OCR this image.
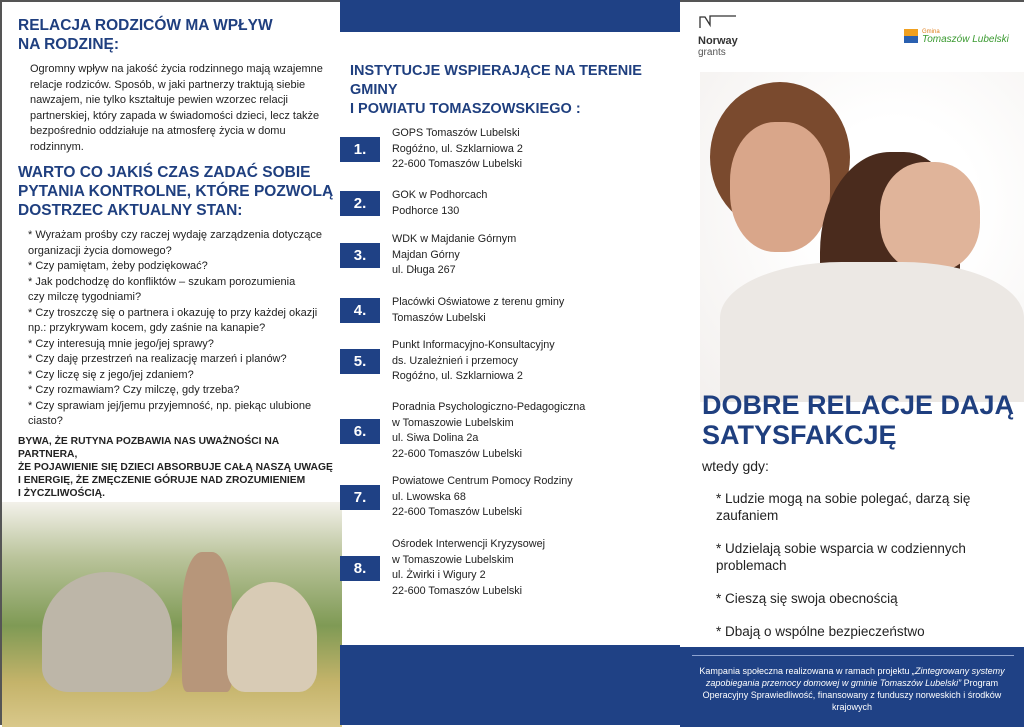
RELACJA RODZICÓW MA WPŁYW
NA RODZINĘ:
Ogromny wpływ na jakość życia rodzinnego mają wzajemne
relacje rodziców. Sposób, w jaki partnerzy traktują siebie
nawzajem, nie tylko kształtuje pewien wzorzec relacji
partnerskiej, który zapada w świadomości dzieci, lecz także
bezpośrednio oddziałuje na atmosferę życia w domu
rodzinnym.
WARTO CO JAKIŚ CZAS ZADAĆ SOBIE
PYTANIA KONTROLNE, KTÓRE POZWOLĄ
DOSTRZEC AKTUALNY STAN:
* Wyrażam prośby czy raczej wydaję zarządzenia dotyczące
organizacji życia domowego?
* Czy pamiętam, żeby podziękować?
* Jak podchodzę do konfliktów – szukam porozumienia
czy milczę tygodniami?
* Czy troszczę się o partnera i okazuję to przy każdej okazji
np.: przykrywam kocem, gdy zaśnie na kanapie?
* Czy interesują mnie jego/jej sprawy?
* Czy daję przestrzeń na realizację marzeń i planów?
* Czy liczę się z jego/jej zdaniem?
* Czy rozmawiam? Czy milczę, gdy trzeba?
* Czy sprawiam jej/jemu przyjemność, np. piekąc ulubione
ciasto?
BYWA, ŻE RUTYNA POZBAWIA NAS UWAŻNOŚCI NA PARTNERA,
ŻE POJAWIENIE SIĘ DZIECI ABSORBUJE CAŁĄ NASZĄ UWAGĘ
I ENERGIĘ, ŻE ZMĘCZENIE GÓRUJE NAD ZROZUMIENIEM
I ŻYCZLIWOŚCIĄ.
INSTYTUCJE WSPIERAJĄCE NA TERENIE GMINY
I POWIATU TOMASZOWSKIEGO :
1.
GOPS Tomaszów Lubelski
Rogóźno, ul. Szklarniowa 2
22-600 Tomaszów Lubelski
2.	GOK w Podhorcach
Podhorce 130
3.
WDK w Majdanie Górnym
Majdan Górny
ul. Długa 267
4.	Placówki Oświatowe z terenu gminy
Tomaszów Lubelski
5.
Punkt Informacyjno-Konsultacyjny
ds. Uzależnień i przemocy
Rogóźno, ul. Szklarniowa 2
6.
Poradnia Psychologiczno-Pedagogiczna
w Tomaszowie Lubelskim
ul. Siwa Dolina 2a
22-600 Tomaszów Lubelski
7.
Powiatowe Centrum Pomocy Rodziny
ul. Lwowska 68
22-600 Tomaszów Lubelski
8.
Ośrodek Interwencji Kryzysowej
w Tomaszowie Lubelskim
ul. Żwirki i Wigury 2
22-600 Tomaszów Lubelski
Norway
grants
Gmina
Tomaszów Lubelski
DOBRE RELACJE DAJĄ
SATYSFAKCJĘ
wtedy gdy:
* Ludzie mogą na sobie polegać, darzą się zaufaniem
* Udzielają sobie wsparcia w codziennych problemach
* Cieszą się swoja obecnością
* Dbają o wspólne bezpieczeństwo
Kampania społeczna realizowana w ramach projektu „Zintegrowany systemy zapobiegania przemocy domowej w gminie Tomaszów Lubelski” Program Operacyjny Sprawiedliwość, finansowany z funduszy norweskich i środków krajowych
